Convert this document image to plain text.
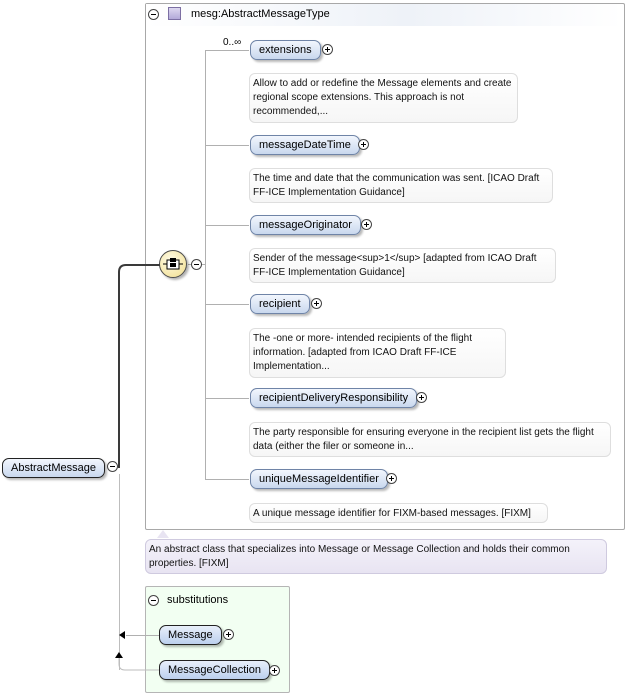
mesg:AbstractMessageType
0..∞
extensions
Allow to add or redefine the Message elements and create regional scope extensions. This approach is not recommended,...
messageDateTime
The time and date that the communication was sent. [ICAO Draft FF-ICE Implementation Guidance]
messageOriginator
Sender of the message<sup>1</sup> [adapted from ICAO Draft FF-ICE Implementation Guidance]
recipient
The -one or more- intended recipients of the flight information. [adapted from ICAO Draft FF-ICE Implementation...
recipientDeliveryResponsibility
The party responsible for ensuring everyone in the recipient list gets the flight data (either the filer or someone in...
uniqueMessageIdentifier
A unique message identifier for FIXM-based messages. [FIXM]
AbstractMessage
An abstract class that specializes into Message or Message Collection and holds their common properties. [FIXM]
substitutions
Message
MessageCollection
